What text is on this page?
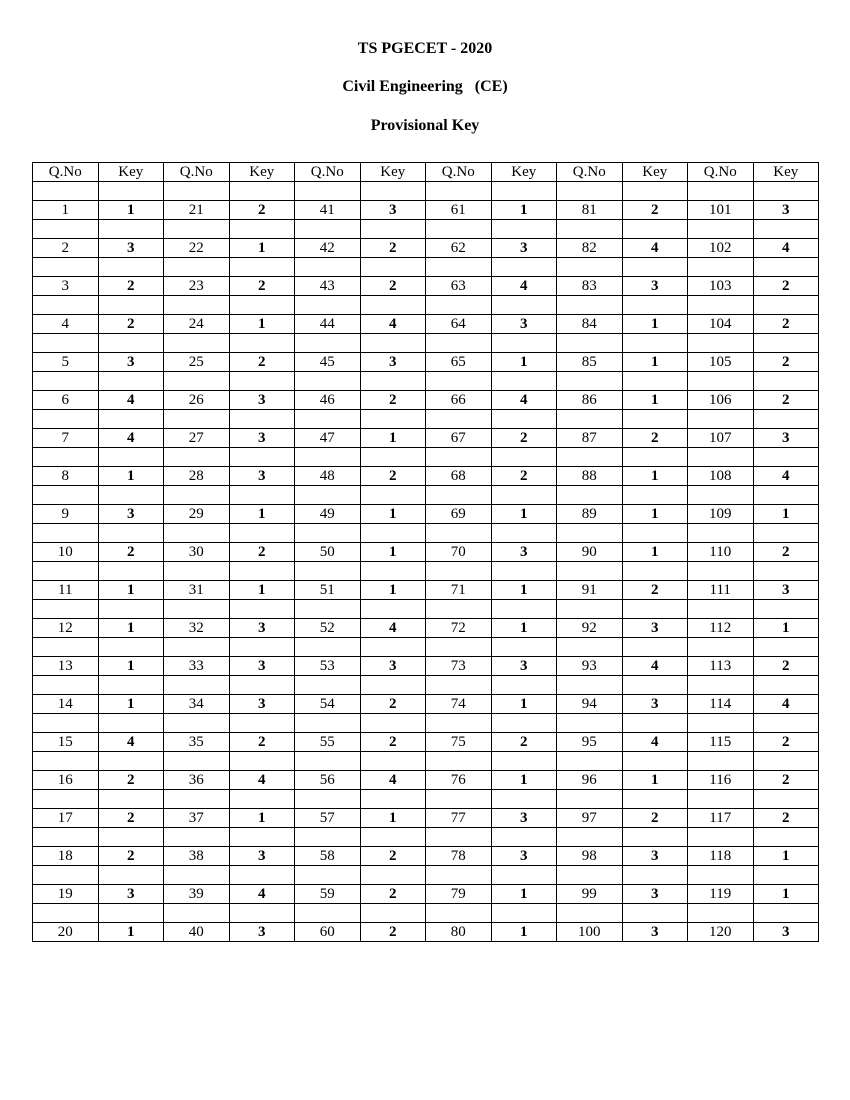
TS PGECET - 2020
Civil Engineering   (CE)
Provisional Key
Q.No	Key	Q.No	Key	Q.No	Key	Q.No	Key	Q.No	Key	Q.No	Key

1	1	21	2	41	3	61	1	81	2	101	3

2	3	22	1	42	2	62	3	82	4	102	4

3	2	23	2	43	2	63	4	83	3	103	2

4	2	24	1	44	4	64	3	84	1	104	2

5	3	25	2	45	3	65	1	85	1	105	2

6	4	26	3	46	2	66	4	86	1	106	2

7	4	27	3	47	1	67	2	87	2	107	3

8	1	28	3	48	2	68	2	88	1	108	4

9	3	29	1	49	1	69	1	89	1	109	1

10	2	30	2	50	1	70	3	90	1	110	2

11	1	31	1	51	1	71	1	91	2	111	3

12	1	32	3	52	4	72	1	92	3	112	1

13	1	33	3	53	3	73	3	93	4	113	2

14	1	34	3	54	2	74	1	94	3	114	4

15	4	35	2	55	2	75	2	95	4	115	2

16	2	36	4	56	4	76	1	96	1	116	2

17	2	37	1	57	1	77	3	97	2	117	2

18	2	38	3	58	2	78	3	98	3	118	1

19	3	39	4	59	2	79	1	99	3	119	1

20	1	40	3	60	2	80	1	100	3	120	3
